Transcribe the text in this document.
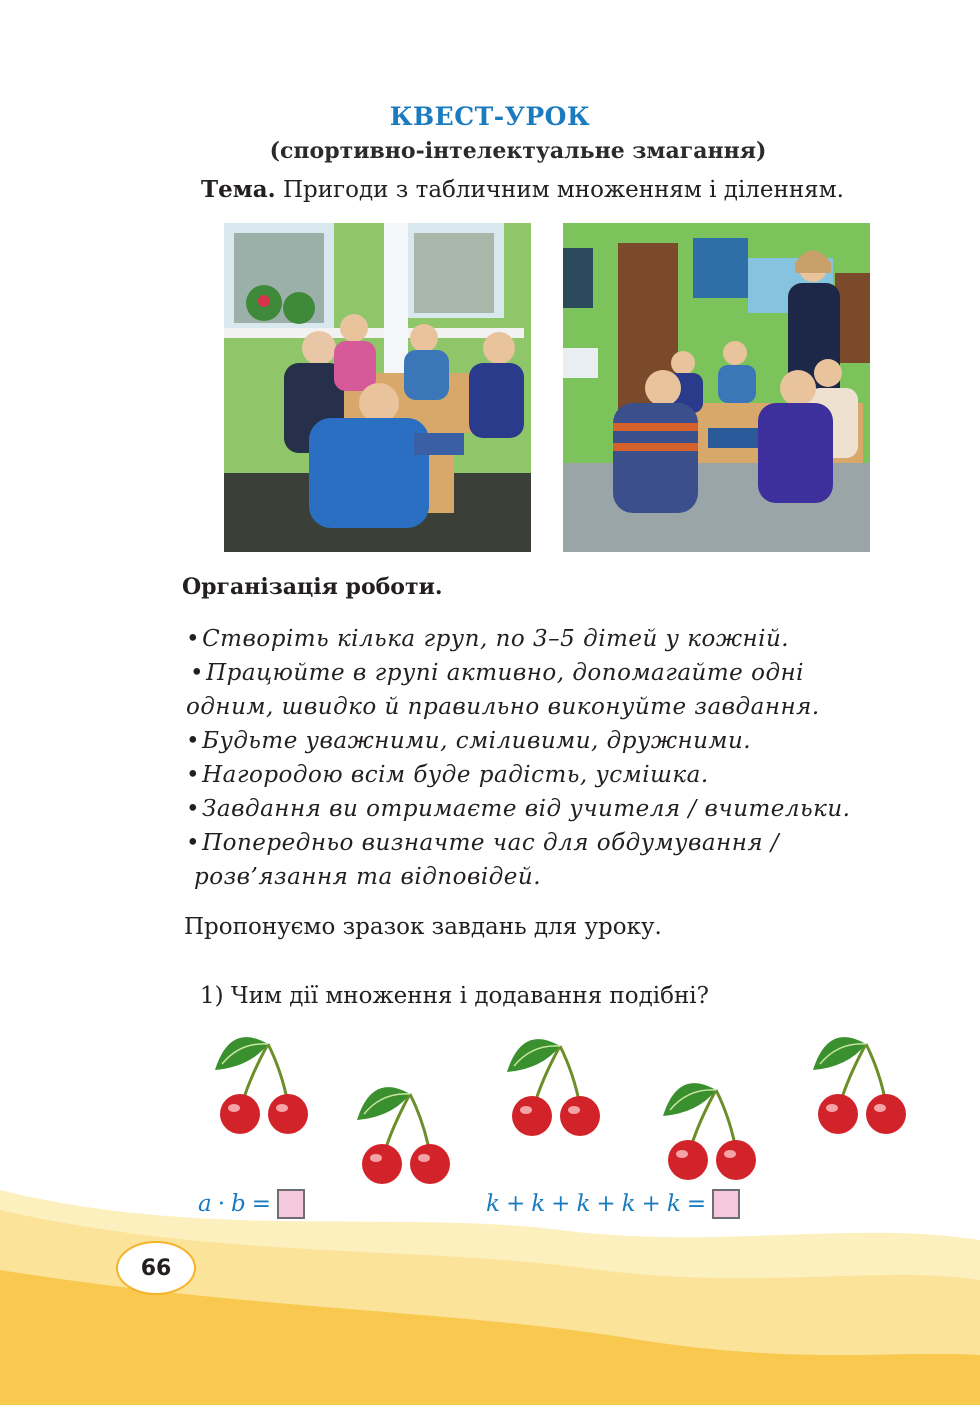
КВЕСТ-УРОК
(спортивно-інтелектуальне змагання)
Тема. Пригоди з табличним множенням і діленням.
Організація роботи.
•Створіть кілька груп, по 3–5 дітей у кожній.
•Працюйте в групі активно, допомагайте одні
одним, швидко й правильно виконуйте завдання.
•Будьте уважними, сміливими, дружними.
•Нагородою всім буде радість, усмішка.
•Завдання ви отримаєте від учителя / вчительки.
•Попередньо визначте час для обдумування /
розв’язання та відповідей.
Пропонуємо зразок завдань для уроку.
1) Чим дії множення і додавання подібні?
a · b =	k + k + k + k + k =
66
